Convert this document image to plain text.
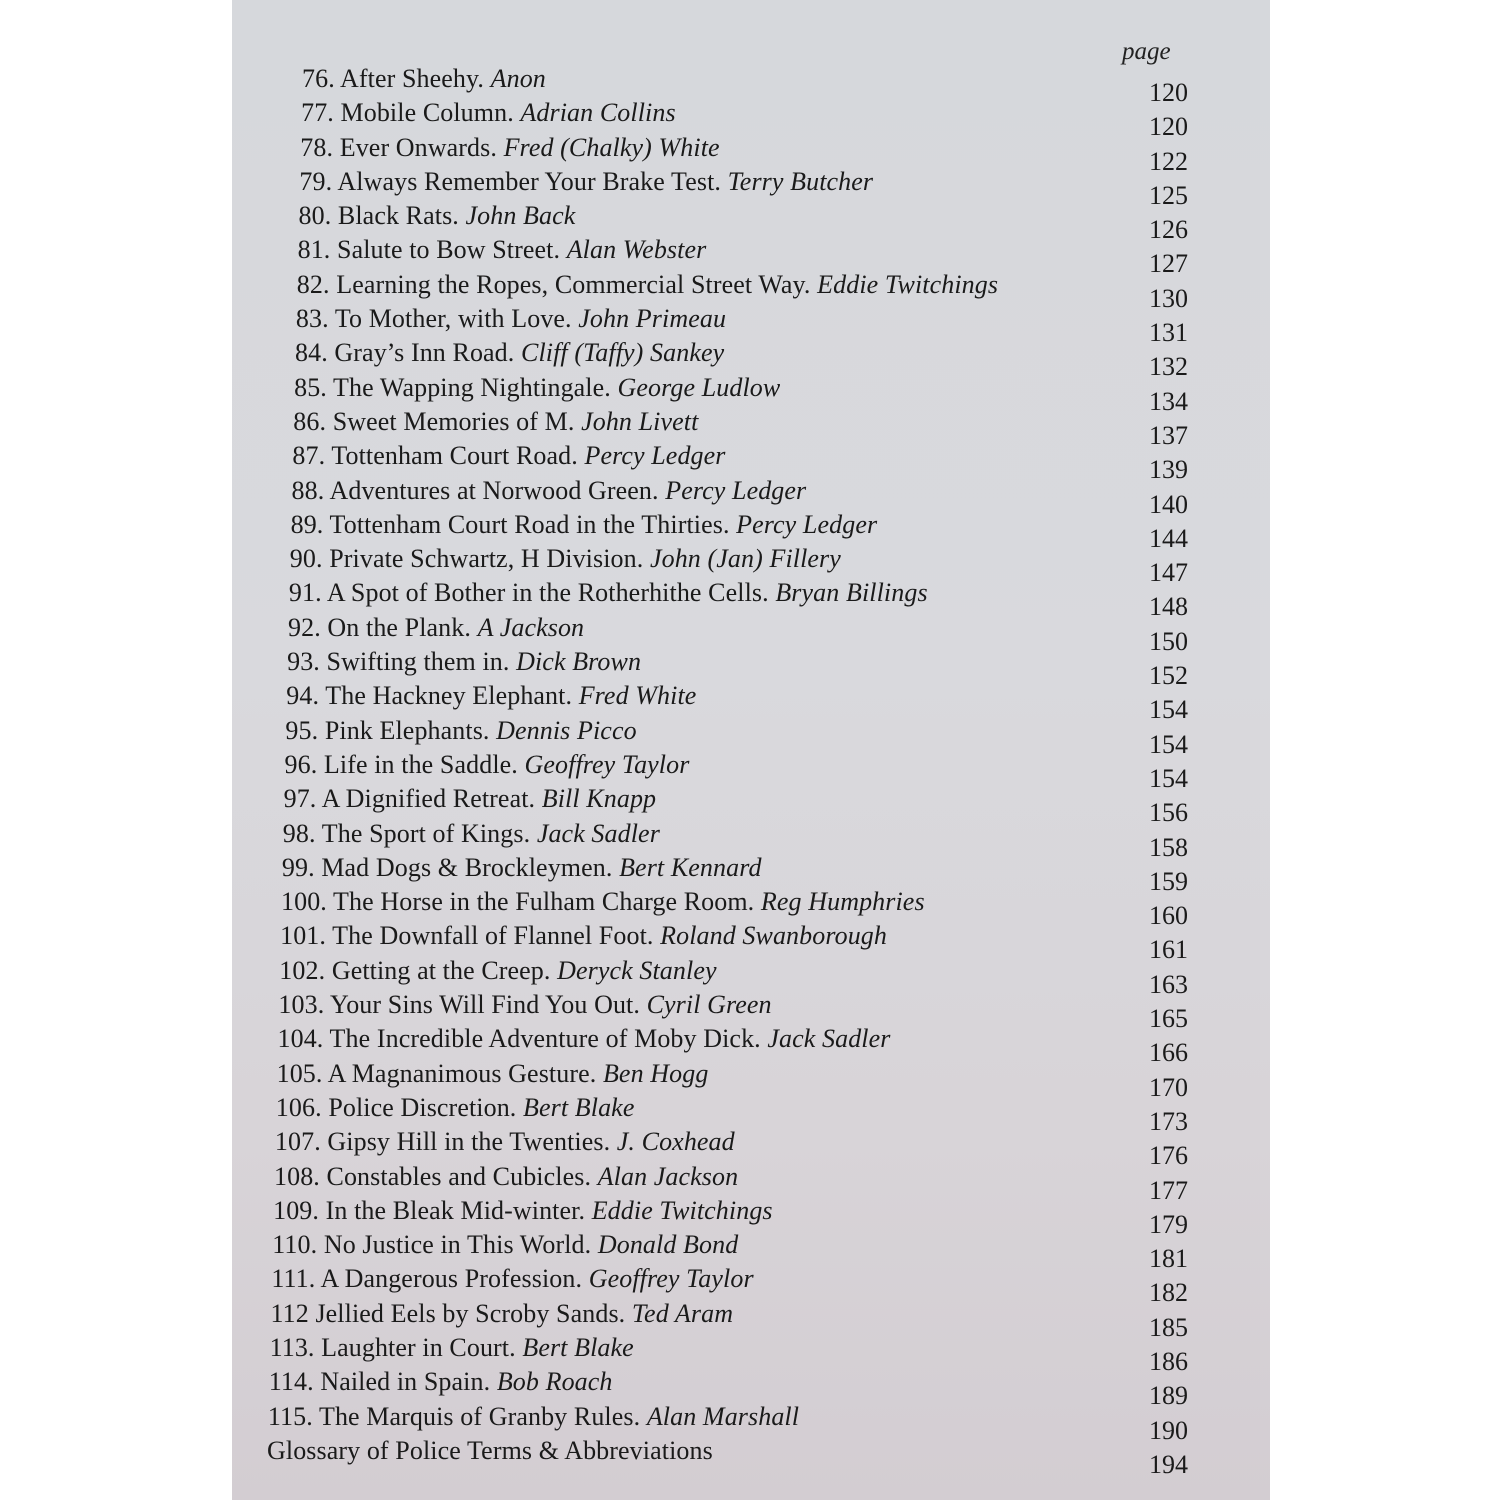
page
76. After Sheehy. Anon	120
77. Mobile Column. Adrian Collins	120
78. Ever Onwards. Fred (Chalky) White	122
79. Always Remember Your Brake Test. Terry Butcher	125
80. Black Rats. John Back	126
81. Salute to Bow Street. Alan Webster	127
82. Learning the Ropes, Commercial Street Way. Eddie Twitchings	130
83. To Mother, with Love. John Primeau	131
84. Gray’s Inn Road. Cliff (Taffy) Sankey	132
85. The Wapping Nightingale. George Ludlow	134
86. Sweet Memories of M. John Livett	137
87. Tottenham Court Road. Percy Ledger	139
88. Adventures at Norwood Green. Percy Ledger	140
89. Tottenham Court Road in the Thirties. Percy Ledger	144
90. Private Schwartz, H Division. John (Jan) Fillery	147
91. A Spot of Bother in the Rotherhithe Cells. Bryan Billings	148
92. On the Plank. A Jackson	150
93. Swifting them in. Dick Brown	152
94. The Hackney Elephant. Fred White	154
95. Pink Elephants. Dennis Picco	154
96. Life in the Saddle. Geoffrey Taylor	154
97. A Dignified Retreat. Bill Knapp	156
98. The Sport of Kings. Jack Sadler	158
99. Mad Dogs & Brockleymen. Bert Kennard	159
100. The Horse in the Fulham Charge Room. Reg Humphries	160
101. The Downfall of Flannel Foot. Roland Swanborough	161
102. Getting at the Creep. Deryck Stanley	163
103. Your Sins Will Find You Out. Cyril Green	165
104. The Incredible Adventure of Moby Dick. Jack Sadler	166
105. A Magnanimous Gesture. Ben Hogg	170
106. Police Discretion. Bert Blake	173
107. Gipsy Hill in the Twenties. J. Coxhead	176
108. Constables and Cubicles. Alan Jackson	177
109. In the Bleak Mid-winter. Eddie Twitchings	179
110. No Justice in This World. Donald Bond	181
111. A Dangerous Profession. Geoffrey Taylor	182
112 Jellied Eels by Scroby Sands. Ted Aram	185
113. Laughter in Court. Bert Blake	186
114. Nailed in Spain. Bob Roach	189
115. The Marquis of Granby Rules. Alan Marshall	190
Glossary of Police Terms & Abbreviations	194
